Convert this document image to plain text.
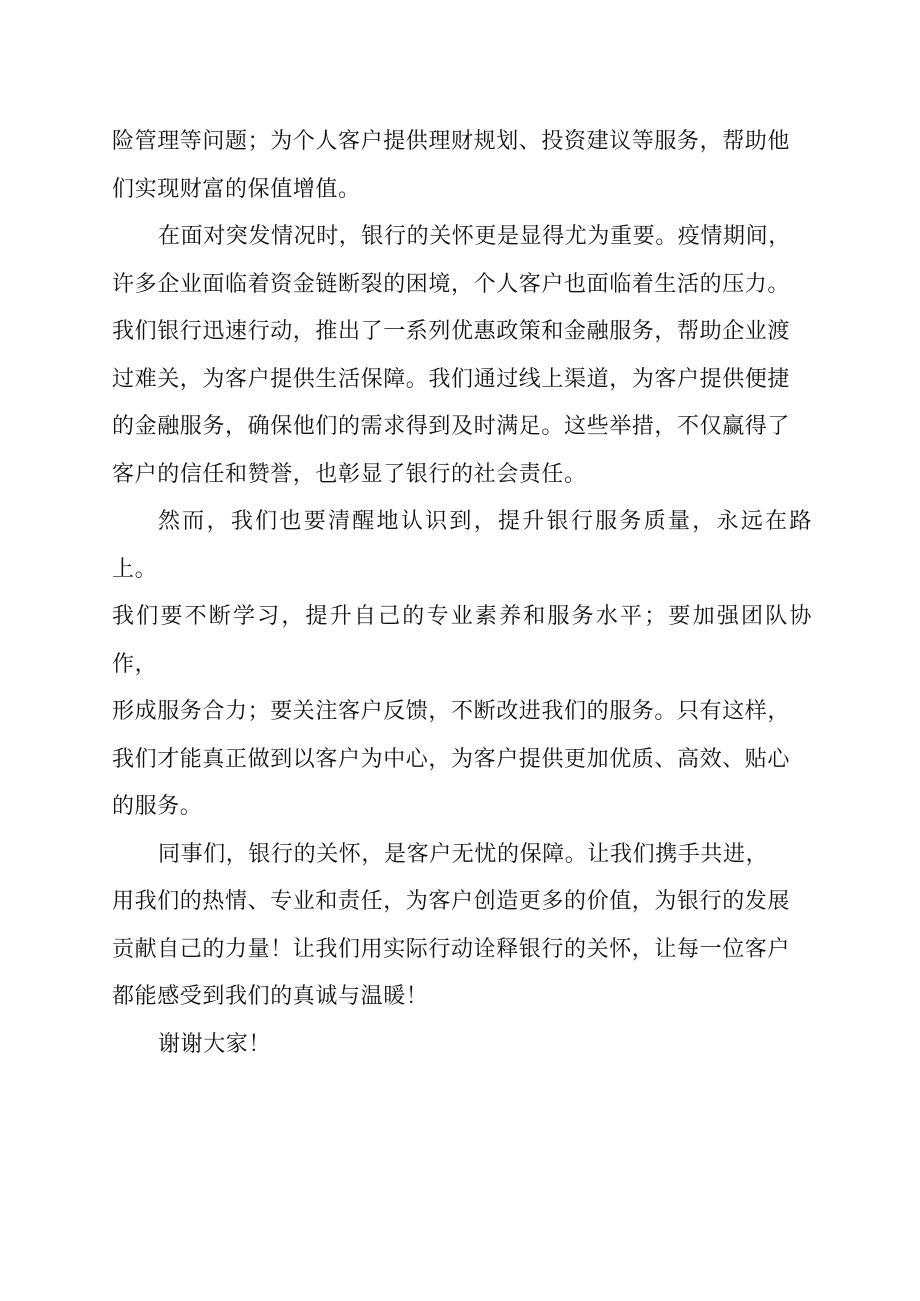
险管理等问题；为个人客户提供理财规划、投资建议等服务，帮助他
们实现财富的保值增值。

在面对突发情况时，银行的关怀更是显得尤为重要。疫情期间，
许多企业面临着资金链断裂的困境，个人客户也面临着生活的压力。
我们银行迅速行动，推出了一系列优惠政策和金融服务，帮助企业渡
过难关，为客户提供生活保障。我们通过线上渠道，为客户提供便捷
的金融服务，确保他们的需求得到及时满足。这些举措，不仅赢得了
客户的信任和赞誉，也彰显了银行的社会责任。

然而，我们也要清醒地认识到，提升银行服务质量，永远在路上。
我们要不断学习，提升自己的专业素养和服务水平；要加强团队协作，
形成服务合力；要关注客户反馈，不断改进我们的服务。只有这样，
我们才能真正做到以客户为中心，为客户提供更加优质、高效、贴心
的服务。

同事们，银行的关怀，是客户无忧的保障。让我们携手共进，
用我们的热情、专业和责任，为客户创造更多的价值，为银行的发展
贡献自己的力量！让我们用实际行动诠释银行的关怀，让每一位客户
都能感受到我们的真诚与温暖！

谢谢大家！
